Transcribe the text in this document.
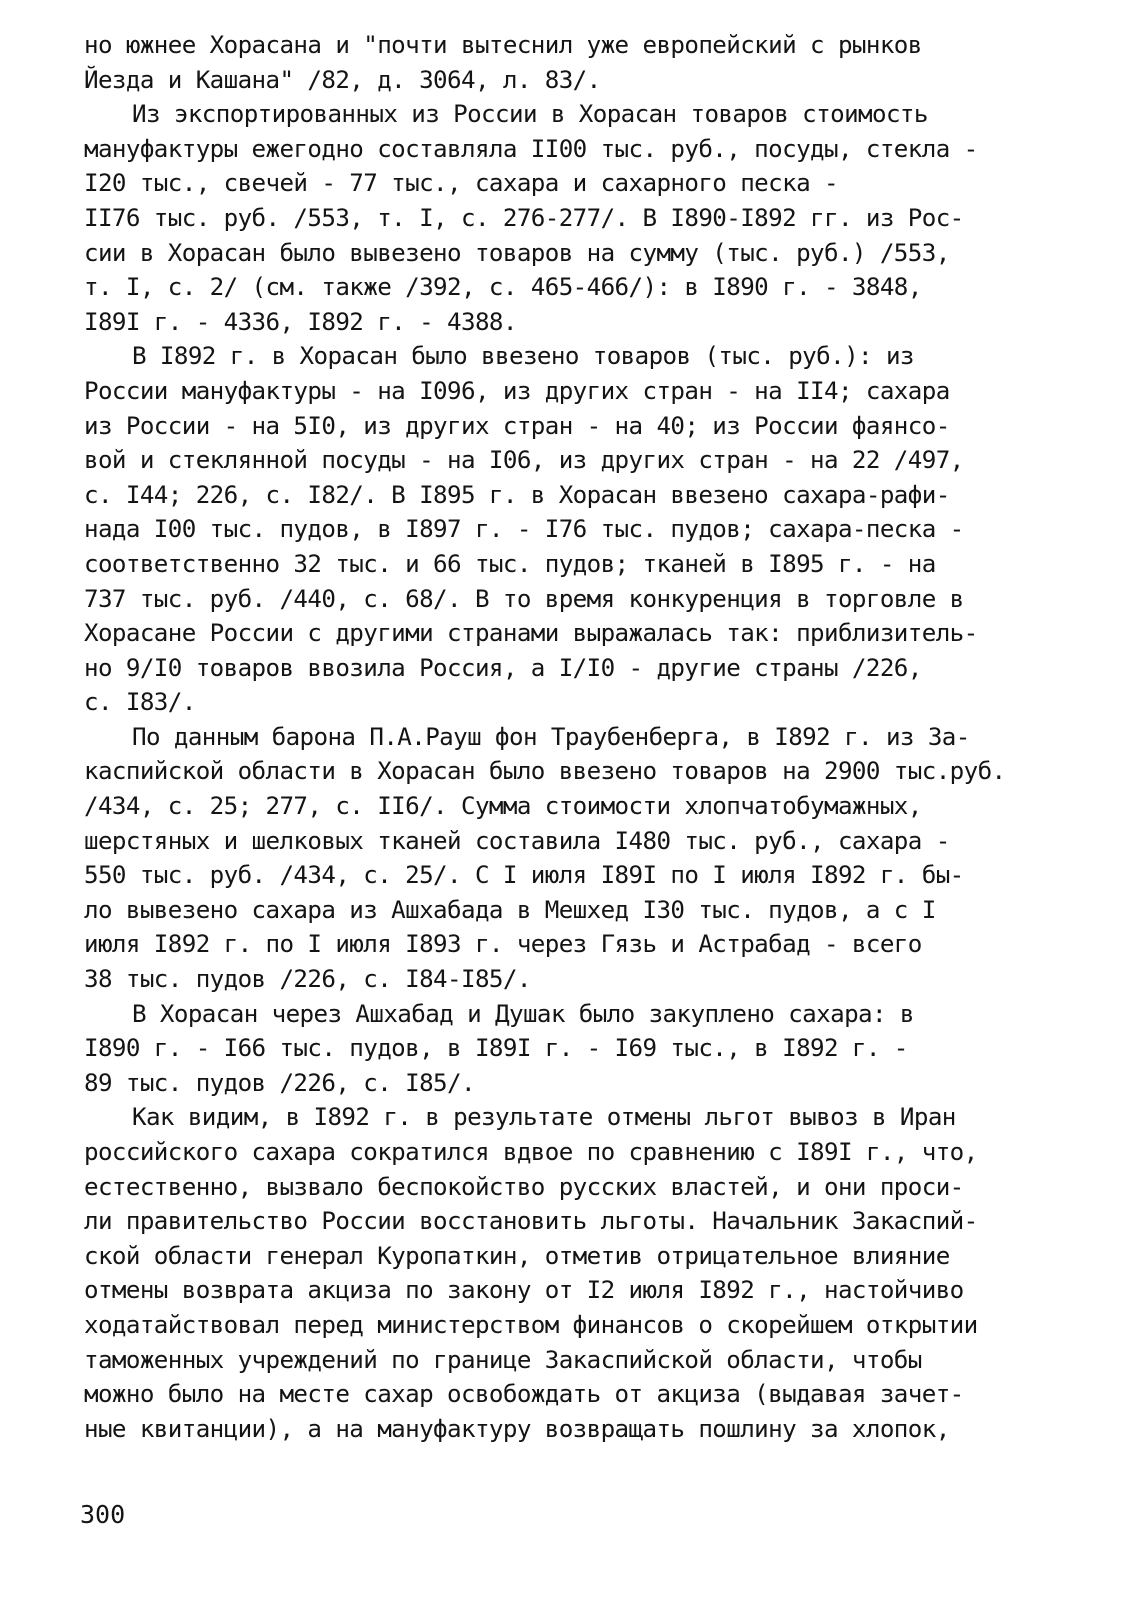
но южнее Хорасана и "почти вытеснил уже европейский с рынков
Йезда и Кашана" /82, д. 3064, л. 83/.
Из экспортированных из России в Хорасан товаров стоимость
мануфактуры ежегодно составляла II00 тыс. руб., посуды, стекла -
I20 тыс., свечей - 77 тыс., сахара и сахарного песка -
II76 тыс. руб. /553, т. I, с. 276-277/. В I890-I892 гг. из Рос-
сии в Хорасан было вывезено товаров на сумму (тыс. руб.) /553,
т. I, с. 2/ (см. также /392, с. 465-466/): в I890 г. - 3848,
I89I г. - 4336, I892 г. - 4388.
В I892 г. в Хорасан было ввезено товаров (тыс. руб.): из
России мануфактуры - на I096, из других стран - на II4; сахара
из России - на 5I0, из других стран - на 40; из России фаянсо-
вой и стеклянной посуды - на I06, из других стран - на 22 /497,
с. I44; 226, с. I82/. В I895 г. в Хорасан ввезено сахара-рафи-
нада I00 тыс. пудов, в I897 г. - I76 тыс. пудов; сахара-песка -
соответственно 32 тыс. и 66 тыс. пудов; тканей в I895 г. - на
737 тыс. руб. /440, с. 68/. В то время конкуренция в торговле в
Хорасане России с другими странами выражалась так: приблизитель-
но 9/I0 товаров ввозила Россия, а I/I0 - другие страны /226,
с. I83/.
По данным барона П.А.Рауш фон Траубенберга, в I892 г. из За-
каспийской области в Хорасан было ввезено товаров на 2900 тыс.руб.
/434, с. 25; 277, с. II6/. Сумма стоимости хлопчатобумажных,
шерстяных и шелковых тканей составила I480 тыс. руб., сахара -
550 тыс. руб. /434, с. 25/. С I июля I89I по I июля I892 г. бы-
ло вывезено сахара из Ашхабада в Мешхед I30 тыс. пудов, а с I
июля I892 г. по I июля I893 г. через Гязь и Астрабад - всего
38 тыс. пудов /226, с. I84-I85/.
В Хорасан через Ашхабад и Душак было закуплено сахара: в
I890 г. - I66 тыс. пудов, в I89I г. - I69 тыс., в I892 г. -
89 тыс. пудов /226, с. I85/.
Как видим, в I892 г. в результате отмены льгот вывоз в Иран
российского сахара сократился вдвое по сравнению с I89I г., что,
естественно, вызвало беспокойство русских властей, и они проси-
ли правительство России восстановить льготы. Начальник Закаспий-
ской области генерал Куропаткин, отметив отрицательное влияние
отмены возврата акциза по закону от I2 июля I892 г., настойчиво
ходатайствовал перед министерством финансов о скорейшем открытии
таможенных учреждений по границе Закаспийской области, чтобы
можно было на месте сахар освобождать от акциза (выдавая зачет-
ные квитанции), а на мануфактуру возвращать пошлину за хлопок,
300
